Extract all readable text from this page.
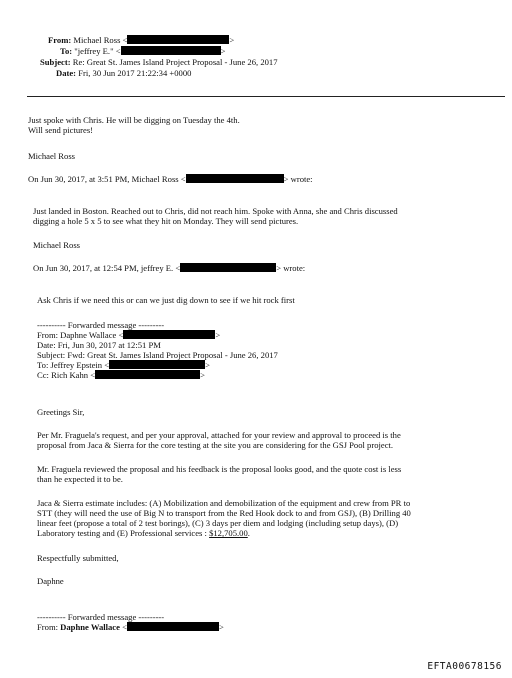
From: Michael Ross <	>
To: "jeffrey E." <	>
Subject: Re: Great St. James Island Project Proposal - June 26, 2017
Date: Fri, 30 Jun 2017 21:22:34 +0000
Just spoke with Chris. He will be digging on Tuesday the 4th.
Will send pictures!
Michael Ross
On Jun 30, 2017, at 3:51 PM, Michael Ross <	> wrote:
Just landed in Boston. Reached out to Chris, did not reach him. Spoke with Anna, she and Chris discussed
digging a hole 5 x 5 to see what they hit on Monday. They will send pictures.
Michael Ross
On Jun 30, 2017, at 12:54 PM, jeffrey E. <	> wrote:
Ask Chris if we need this or can we just dig down to see if we hit rock first
---------- Forwarded message ---------
From: Daphne Wallace <	>
Date: Fri, Jun 30, 2017 at 12:51 PM
Subject: Fwd: Great St. James Island Project Proposal - June 26, 2017
To: Jeffrey Epstein <	>
Cc: Rich Kahn <	>
Greetings Sir,
Per Mr. Fraguela's request, and per your approval, attached for your review and approval to proceed is the
proposal from Jaca & Sierra for the core testing at the site you are considering for the GSJ Pool project.
Mr. Fraguela reviewed the proposal and his feedback is the proposal looks good, and the quote cost is less
than he expected it to be.
Jaca & Sierra estimate includes: (A) Mobilization and demobilization of the equipment and crew from PR to
STT (they will need the use of Big N to transport from the Red Hook dock to and from GSJ), (B) Drilling 40
linear feet (propose a total of 2 test borings), (C) 3 days per diem and lodging (including setup days), (D)
Laboratory testing and (E) Professional services : $12,705.00.
Respectfully submitted,
Daphne
---------- Forwarded message ---------
From: Daphne Wallace <	>
EFTA00678156
